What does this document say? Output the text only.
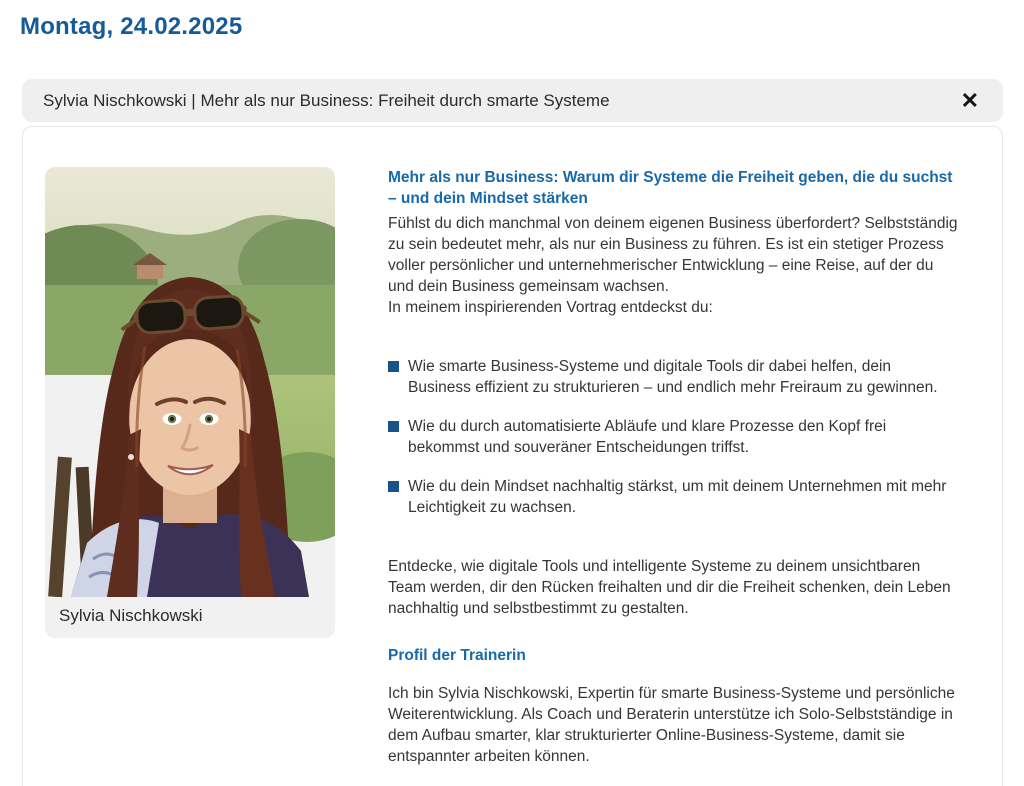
Montag, 24.02.2025
Sylvia Nischkowski | Mehr als nur Business: Freiheit durch smarte Systeme	✕
Sylvia Nischkowski
Mehr als nur Business: Warum dir Systeme die Freiheit geben, die du suchst – und dein Mindset stärken

Fühlst du dich manchmal von deinem eigenen Business überfordert? Selbstständig zu sein bedeutet mehr, als nur ein Business zu führen. Es ist ein stetiger Prozess voller persönlicher und unternehmerischer Entwicklung – eine Reise, auf der du und dein Business gemeinsam wachsen.

In meinem inspirierenden Vortrag entdeckst du:

Wie smarte Business-Systeme und digitale Tools dir dabei helfen, dein Business effizient zu strukturieren – und endlich mehr Freiraum zu gewinnen.
Wie du durch automatisierte Abläufe und klare Prozesse den Kopf frei bekommst und souveräner Entscheidungen triffst.
Wie du dein Mindset nachhaltig stärkst, um mit deinem Unternehmen mit mehr Leichtigkeit zu wachsen.

Entdecke, wie digitale Tools und intelligente Systeme zu deinem unsichtbaren Team werden, dir den Rücken freihalten und dir die Freiheit schenken, dein Leben nachhaltig und selbstbestimmt zu gestalten.

Profil der Trainerin

Ich bin Sylvia Nischkowski, Expertin für smarte Business-Systeme und persönliche Weiterentwicklung. Als Coach und Beraterin unterstütze ich Solo-Selbstständige in dem Aufbau smarter, klar strukturierter Online-Business-Systeme, damit sie entspannter arbeiten können.
